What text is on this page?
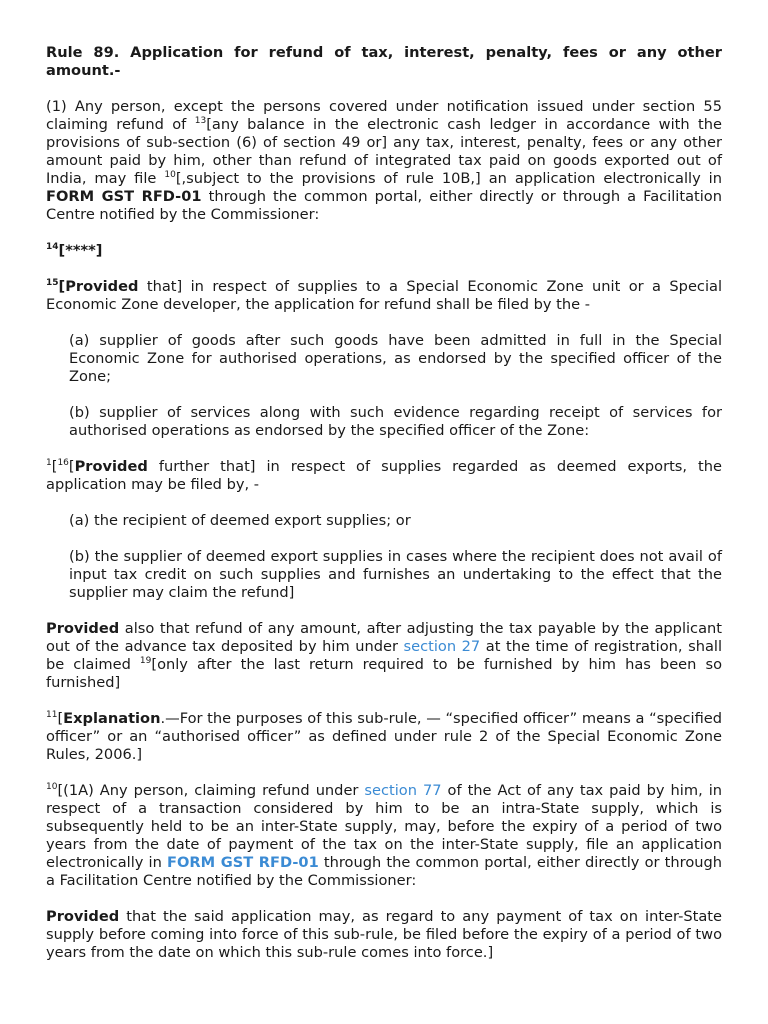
Rule 89. Application for refund of tax, interest, penalty, fees or any other amount.-

(1) Any person, except the persons covered under notification issued under section 55 claiming refund of $^{13}$[any balance in the electronic cash ledger in accordance with the provisions of sub-section (6) of section 49 or] any tax, interest, penalty, fees or any other amount paid by him, other than refund of integrated tax paid on goods exported out of India, may file $^{10}$[,subject to the provisions of rule 10B,] an application electronically in FORM GST RFD-01 through the common portal, either directly or through a Facilitation Centre notified by the Commissioner:

$^{14}$[****]

$^{15}$[Provided that] in respect of supplies to a Special Economic Zone unit or a Special Economic Zone developer, the application for refund shall be filed by the -

(a) supplier of goods after such goods have been admitted in full in the Special Economic Zone for authorised operations, as endorsed by the specified officer of the Zone;

(b) supplier of services along with such evidence regarding receipt of services for authorised operations as endorsed by the specified officer of the Zone:

$^1$[$^{16}$[Provided further that] in respect of supplies regarded as deemed exports, the application may be filed by, -

(a) the recipient of deemed export supplies; or

(b) the supplier of deemed export supplies in cases where the recipient does not avail of input tax credit on such supplies and furnishes an undertaking to the effect that the supplier may claim the refund]

Provided also that refund of any amount, after adjusting the tax payable by the applicant out of the advance tax deposited by him under section 27 at the time of registration, shall be claimed $^{19}$[only after the last return required to be furnished by him has been so furnished]

$^{11}$[Explanation.—For the purposes of this sub-rule, — “specified officer” means a “specified officer” or an “authorised officer” as defined under rule 2 of the Special Economic Zone Rules, 2006.]

$^{10}$[(1A) Any person, claiming refund under section 77 of the Act of any tax paid by him, in respect of a transaction considered by him to be an intra-State supply, which is subsequently held to be an inter-State supply, may, before the expiry of a period of two years from the date of payment of the tax on the inter-State supply, file an application electronically in FORM GST RFD-01 through the common portal, either directly or through a Facilitation Centre notified by the Commissioner:

Provided that the said application may, as regard to any payment of tax on inter-State supply before coming into force of this sub-rule, be filed before the expiry of a period of two years from the date on which this sub-rule comes into force.]
